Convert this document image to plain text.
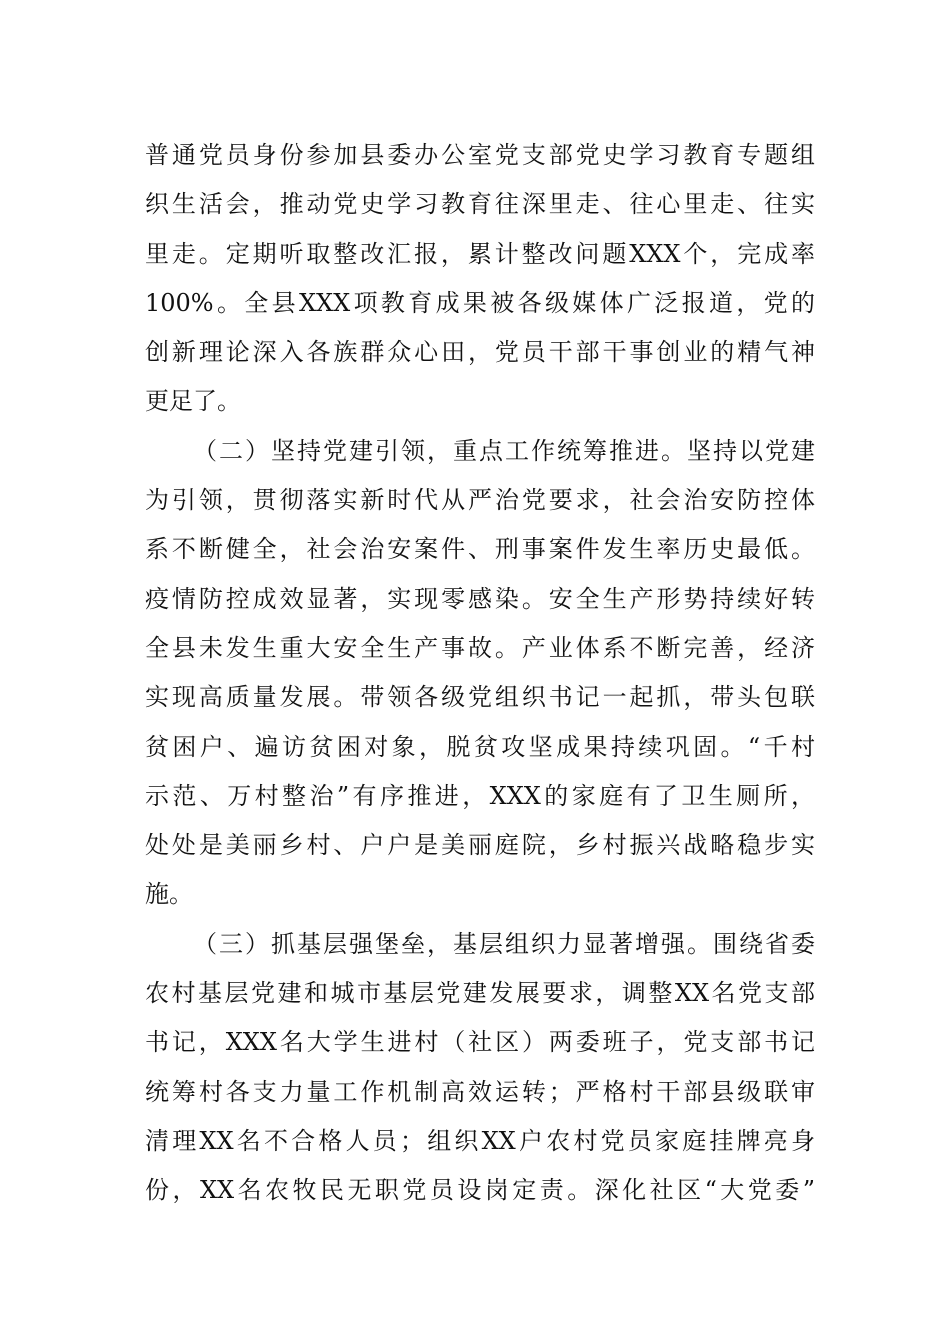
普通党员身份参加县委办公室党支部党史学习教育专题组
织生活会，推动党史学习教育往深里走、往心里走、往实
里走。定期听取整改汇报，累计整改问题XXX个，完成率
100%。全县XXX项教育成果被各级媒体广泛报道，党的
创新理论深入各族群众心田，党员干部干事创业的精气神
更足了。
（二）坚持党建引领，重点工作统筹推进。坚持以党建
为引领，贯彻落实新时代从严治党要求，社会治安防控体
系不断健全，社会治安案件、刑事案件发生率历史最低。
疫情防控成效显著，实现零感染。安全生产形势持续好转
全县未发生重大安全生产事故。产业体系不断完善，经济
实现高质量发展。带领各级党组织书记一起抓，带头包联
贫困户、遍访贫困对象，脱贫攻坚成果持续巩固。“千村
示范、万村整治”有序推进，XXX的家庭有了卫生厕所，
处处是美丽乡村、户户是美丽庭院，乡村振兴战略稳步实
施。
（三）抓基层强堡垒，基层组织力显著增强。围绕省委
农村基层党建和城市基层党建发展要求，调整XX名党支部
书记，XXX名大学生进村（社区）两委班子，党支部书记
统筹村各支力量工作机制高效运转；严格村干部县级联审
清理XX名不合格人员；组织XX户农村党员家庭挂牌亮身
份，XX名农牧民无职党员设岗定责。深化社区“大党委”
